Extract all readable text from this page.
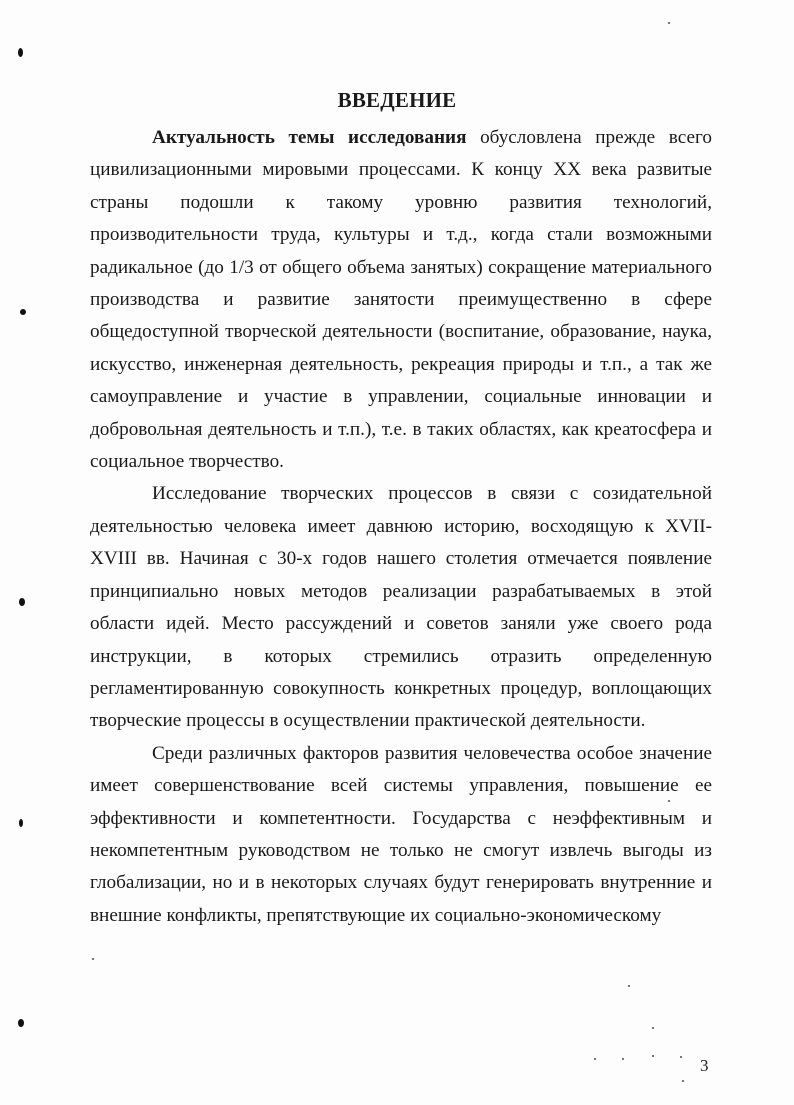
ВВЕДЕНИЕ

Актуальность темы исследования обусловлена прежде всего цивилизационными мировыми процессами. К концу XX века развитые страны подошли к такому уровню развития технологий, производительности труда, культуры и т.д., когда стали возможными радикальное (до 1/3 от общего объема занятых) сокращение материального производства и развитие занятости преимущественно в сфере общедоступной творческой деятельности (воспитание, образование, наука, искусство, инженерная деятельность, рекреация природы и т.п., а так же самоуправление и участие в управлении, социальные инновации и добровольная деятельность и т.п.), т.е. в таких областях, как креатосфера и социальное творчество.

Исследование творческих процессов в связи с созидательной деятельностью человека имеет давнюю историю, восходящую к XVII-XVIII вв. Начиная с 30-х годов нашего столетия отмечается появление принципиально новых методов реализации разрабатываемых в этой области идей. Место рассуждений и советов заняли уже своего рода инструкции, в которых стремились отразить определенную регламентированную совокупность конкретных процедур, воплощающих творческие процессы в осуществлении практической деятельности.

Среди различных факторов развития человечества особое значение имеет совершенствование всей системы управления, повышение ее эффективности и компетентности. Государства с неэффективным и некомпетентным руководством не только не смогут извлечь выгоды из глобализации, но и в некоторых случаях будут генерировать внутренние и внешние конфликты, препятствующие их социально-экономическому

3
